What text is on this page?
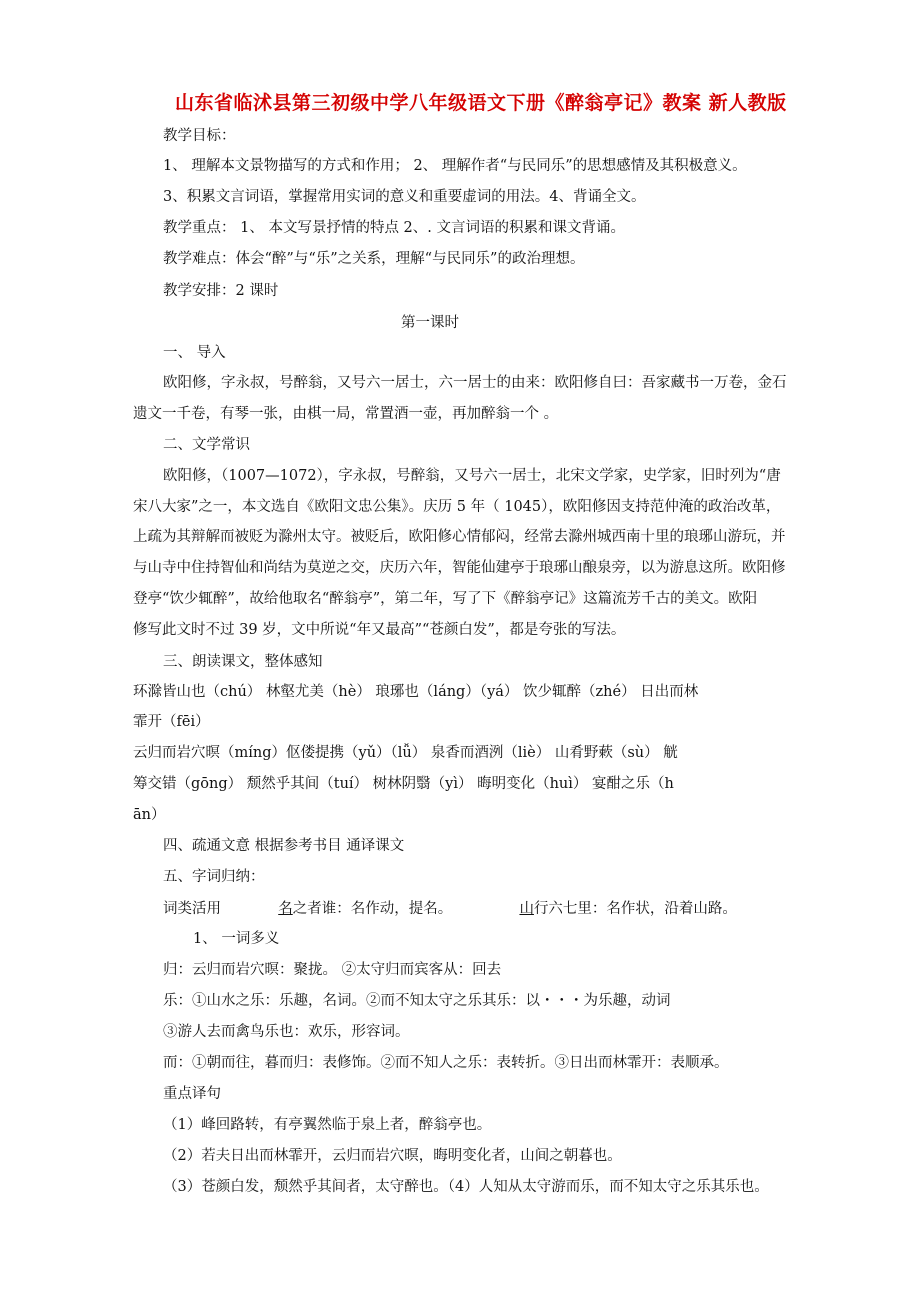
山东省临沭县第三初级中学八年级语文下册《醉翁亭记》教案 新人教版
教学目标：
1、 理解本文景物描写的方式和作用； 2、 理解作者“与民同乐”的思想感情及其积极意义。
3、积累文言词语，掌握常用实词的意义和重要虚词的用法。4、背诵全文。
教学重点： 1、 本文写景抒情的特点 2、. 文言词语的积累和课文背诵。
教学难点：体会“醉”与“乐”之关系，理解“与民同乐”的政治理想。
教学安排：2 课时
第一课时
一、 导入
欧阳修，字永叔，号醉翁，又号六一居士，六一居士的由来：欧阳修自曰：吾家藏书一万卷，金石
遗文一千卷，有琴一张，由棋一局，常置酒一壶，再加醉翁一个 。
二、文学常识
欧阳修，（1007—1072），字永叔，号醉翁，又号六一居士，北宋文学家，史学家，旧时列为“唐
宋八大家”之一，本文选自《欧阳文忠公集》。庆历 5 年（ 1045），欧阳修因支持范仲淹的政治改革，
上疏为其辩解而被贬为滁州太守。被贬后，欧阳修心情郁闷，经常去滁州城西南十里的琅琊山游玩，并
与山寺中住持智仙和尚结为莫逆之交，庆历六年，智能仙建亭于琅琊山酿泉旁，以为游息这所。欧阳修
登亭“饮少辄醉”，故给他取名“醉翁亭”，第二年，写了下《醉翁亭记》这篇流芳千古的美文。欧阳
修写此文时不过 39 岁，文中所说“年又最高”“苍颜白发”，都是夸张的写法。
三、朗读课文，整体感知
环滁皆山也（chú） 林壑尤美（hè） 琅琊也（láng）（yá） 饮少辄醉（zhé） 日出而林
霏开（fēi）
云归而岩穴暝（míng）伛偻提携（yǔ）（lǚ） 泉香而酒洌（liè） 山肴野蔌（sù） 觥
筹交错（gōng） 颓然乎其间（tuí） 树林阴翳（yì） 晦明变化（huì） 宴酣之乐（h
ān）
四、疏通文意 根据参考书目 通译课文
五、字词归纳：
词类活用	名之者谁：名作动，提名。	山行六七里：名作状，沿着山路。
1、 一词多义
归：云归而岩穴暝：聚拢。 ②太守归而宾客从：回去
乐：①山水之乐：乐趣，名词。②而不知太守之乐其乐：以・・・为乐趣，动词
③游人去而禽鸟乐也：欢乐，形容词。
而：①朝而往，暮而归：表修饰。②而不知人之乐：表转折。③日出而林霏开：表顺承。
重点译句
（1）峰回路转，有亭翼然临于泉上者，醉翁亭也。
（2）若夫日出而林霏开，云归而岩穴暝，晦明变化者，山间之朝暮也。
（3）苍颜白发，颓然乎其间者，太守醉也。（4）人知从太守游而乐，而不知太守之乐其乐也。
